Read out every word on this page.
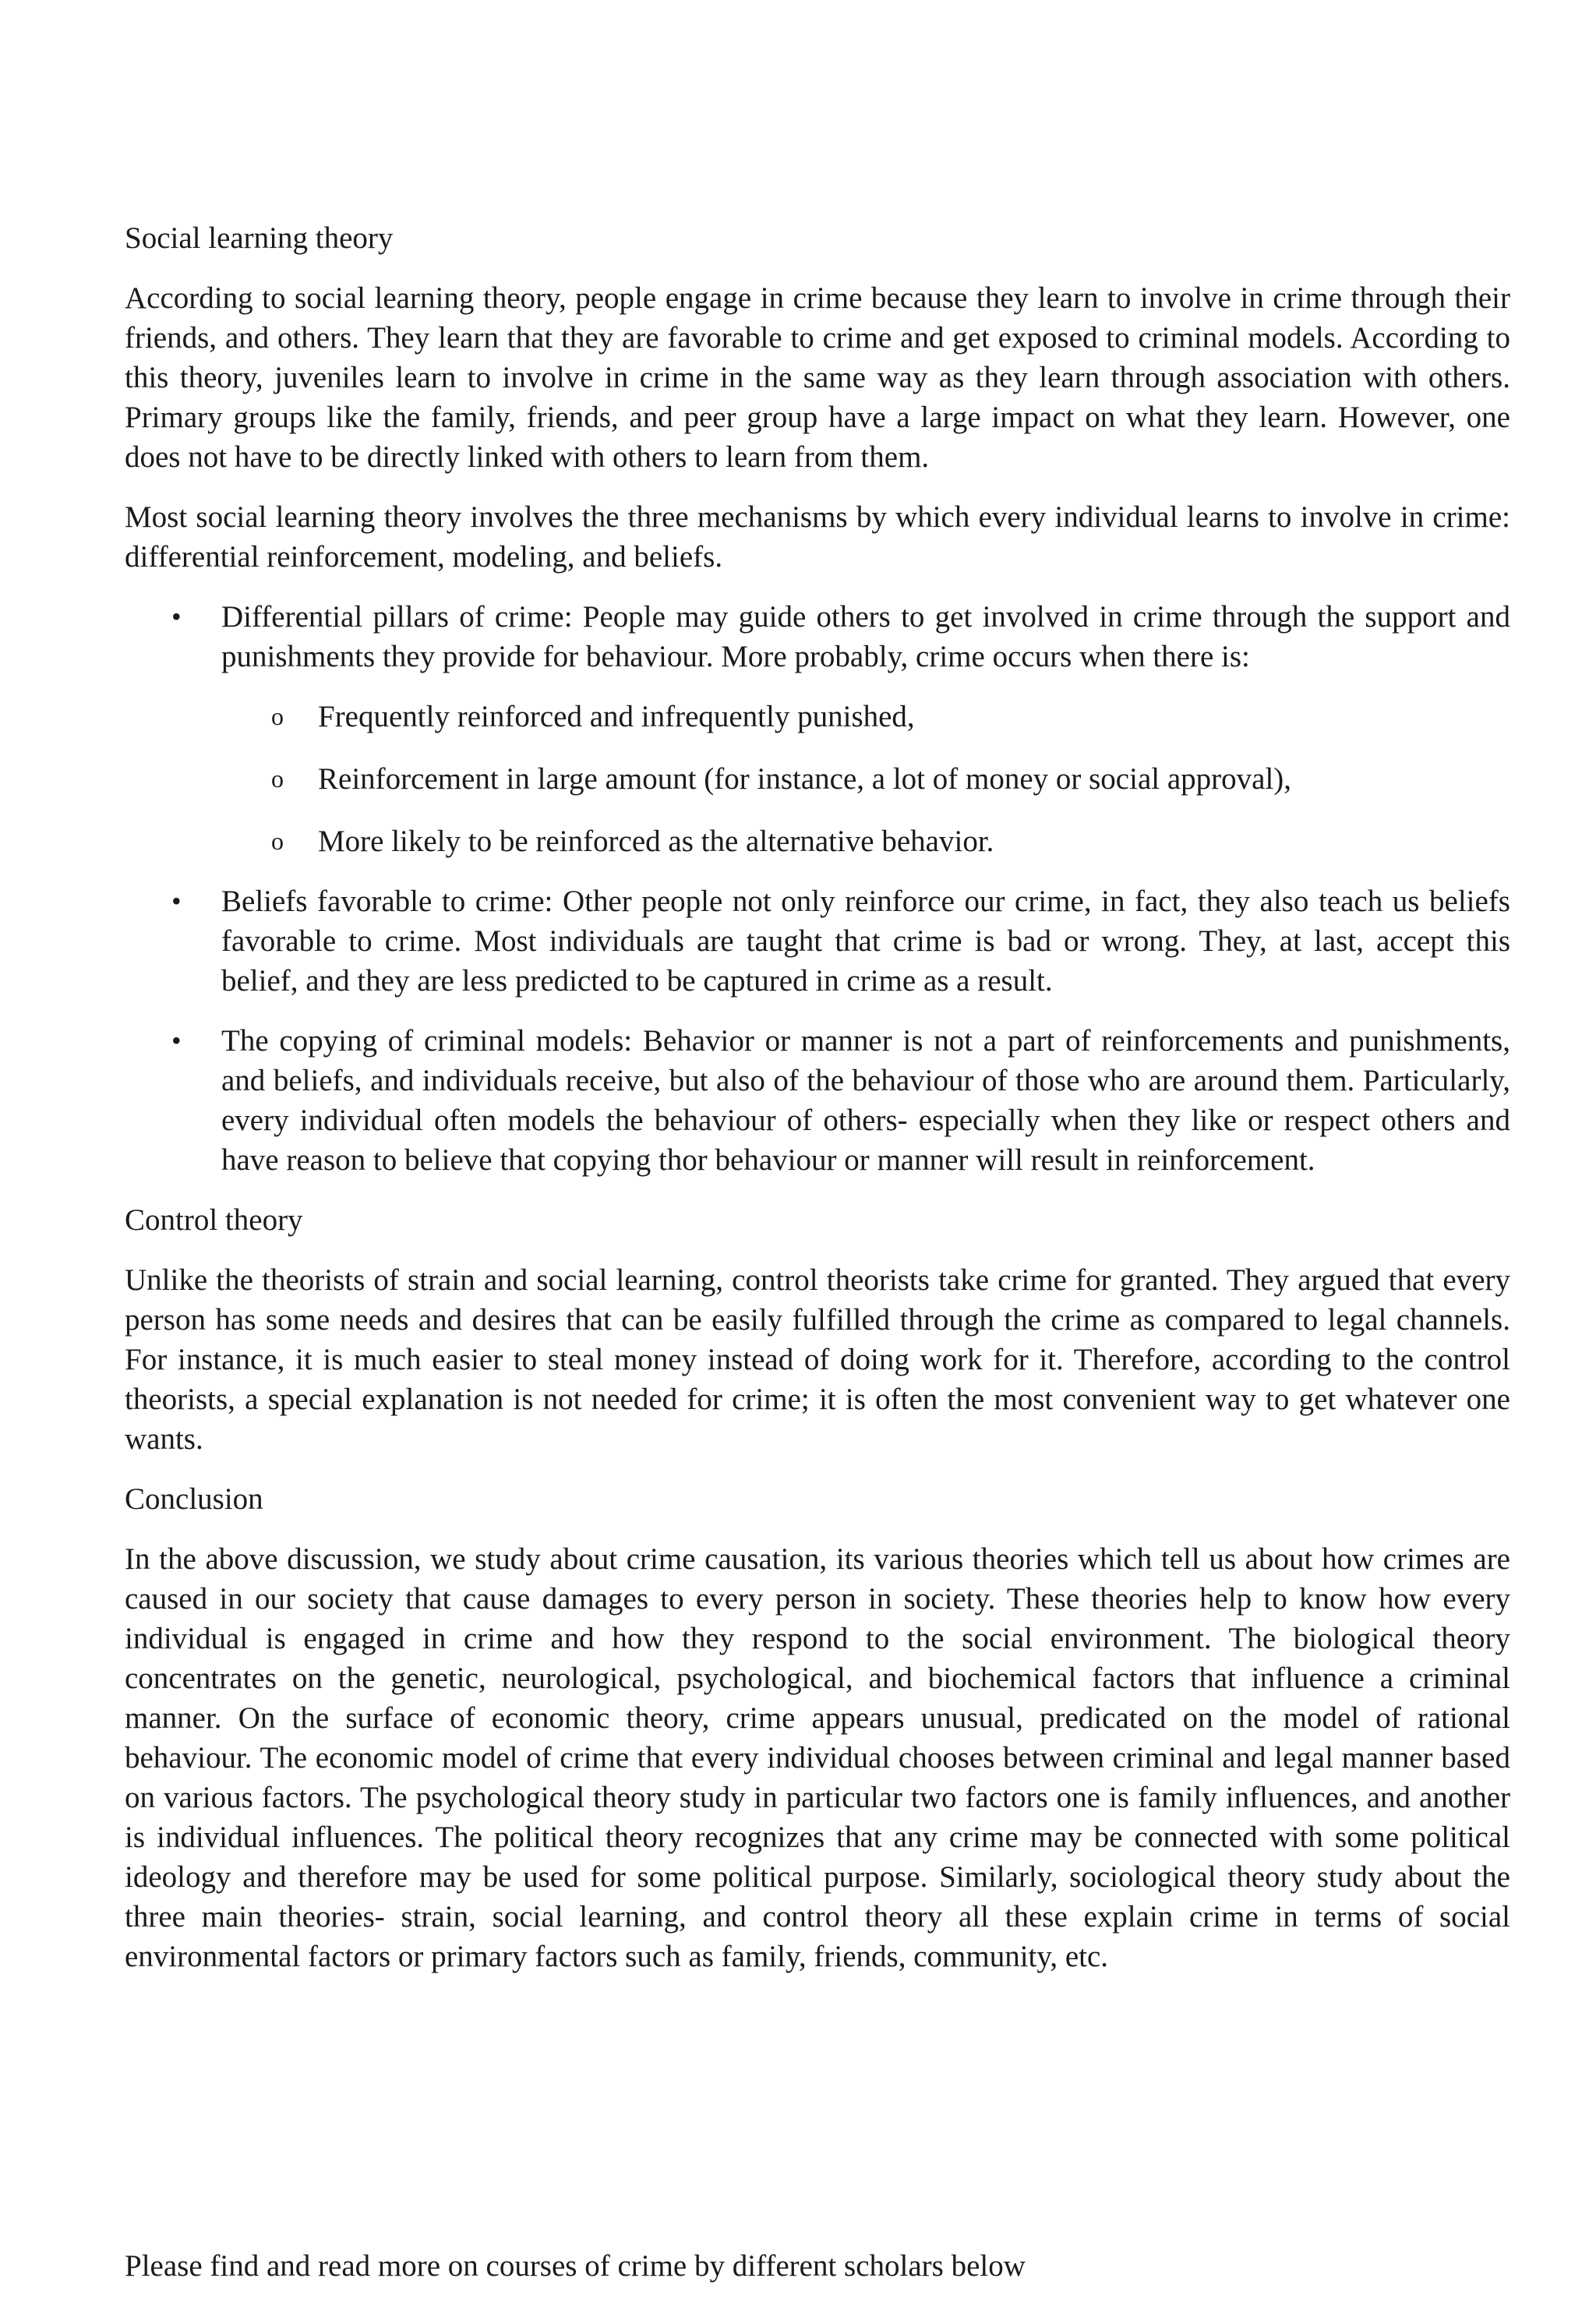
Social learning theory

According to social learning theory, people engage in crime because they learn to involve in crime through their friends, and others. They learn that they are favorable to crime and get exposed to criminal models. According to this theory, juveniles learn to involve in crime in the same way as they learn through association with others. Primary groups like the family, friends, and peer group have a large impact on what they learn. However, one does not have to be directly linked with others to learn from them.

Most social learning theory involves the three mechanisms by which every individual learns to involve in crime: differential reinforcement, modeling, and beliefs.

• Differential pillars of crime: People may guide others to get involved in crime through the support and punishments they provide for behaviour. More probably, crime occurs when there is:
o Frequently reinforced and infrequently punished,
o Reinforcement in large amount (for instance, a lot of money or social approval),
o More likely to be reinforced as the alternative behavior.
• Beliefs favorable to crime: Other people not only reinforce our crime, in fact, they also teach us beliefs favorable to crime. Most individuals are taught that crime is bad or wrong. They, at last, accept this belief, and they are less predicted to be captured in crime as a result.
• The copying of criminal models: Behavior or manner is not a part of reinforcements and punishments, and beliefs, and individuals receive, but also of the behaviour of those who are around them. Particularly, every individual often models the behaviour of others- especially when they like or respect others and have reason to believe that copying thor behaviour or manner will result in reinforcement.
Control theory

Unlike the theorists of strain and social learning, control theorists take crime for granted. They argued that every person has some needs and desires that can be easily fulfilled through the crime as compared to legal channels. For instance, it is much easier to steal money instead of doing work for it. Therefore, according to the control theorists, a special explanation is not needed for crime; it is often the most convenient way to get whatever one wants.

Conclusion

In the above discussion, we study about crime causation, its various theories which tell us about how crimes are caused in our society that cause damages to every person in society. These theories help to know how every individual is engaged in crime and how they respond to the social environment. The biological theory concentrates on the genetic, neurological, psychological, and biochemical factors that influence a criminal manner. On the surface of economic theory, crime appears unusual, predicated on the model of rational behaviour. The economic model of crime that every individual chooses between criminal and legal manner based on various factors. The psychological theory study in particular two factors one is family influences, and another is individual influences. The political theory recognizes that any crime may be connected with some political ideology and therefore may be used for some political purpose. Similarly, sociological theory study about the three main theories- strain, social learning, and control theory all these explain crime in terms of social environmental factors or primary factors such as family, friends, community, etc.

Please find and read more on courses of crime by different scholars below
